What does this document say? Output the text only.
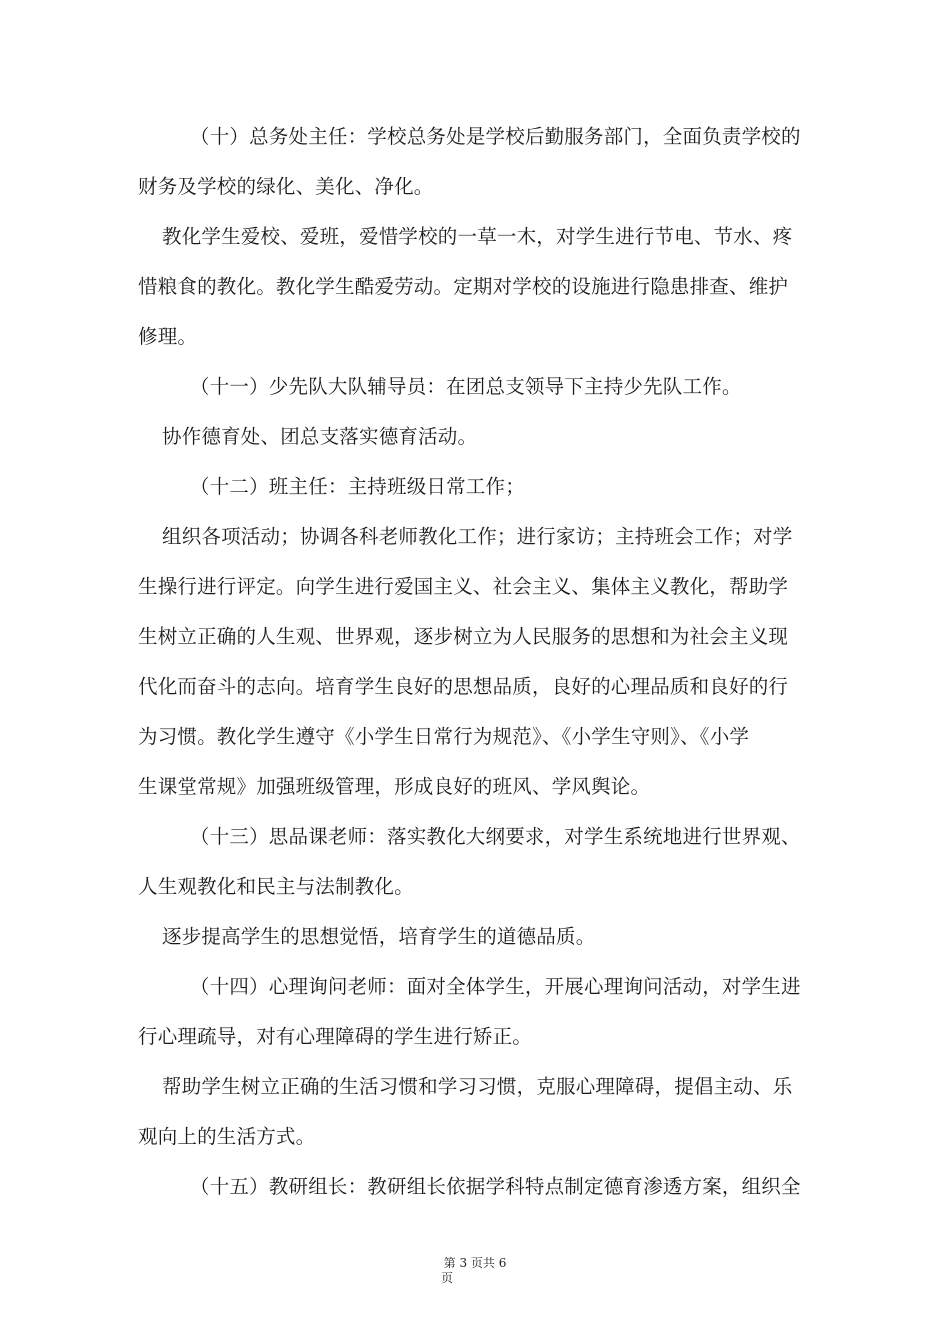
（十）总务处主任：学校总务处是学校后勤服务部门，全面负责学校的
财务及学校的绿化、美化、净化。
教化学生爱校、爱班，爱惜学校的一草一木，对学生进行节电、节水、疼
惜粮食的教化。教化学生酷爱劳动。定期对学校的设施进行隐患排查、维护
修理。
（十一）少先队大队辅导员：在团总支领导下主持少先队工作。
协作德育处、团总支落实德育活动。
（十二）班主任：主持班级日常工作；
组织各项活动；协调各科老师教化工作；进行家访；主持班会工作；对学
生操行进行评定。向学生进行爱国主义、社会主义、集体主义教化，帮助学
生树立正确的人生观、世界观，逐步树立为人民服务的思想和为社会主义现
代化而奋斗的志向。培育学生良好的思想品质，良好的心理品质和良好的行
为习惯。教化学生遵守《小学生日常行为规范》、《小学生守则》、《小学
生课堂常规》加强班级管理，形成良好的班风、学风舆论。
（十三）思品课老师：落实教化大纲要求，对学生系统地进行世界观、
人生观教化和民主与法制教化。
逐步提高学生的思想觉悟，培育学生的道德品质。
（十四）心理询问老师：面对全体学生，开展心理询问活动，对学生进
行心理疏导，对有心理障碍的学生进行矫正。
帮助学生树立正确的生活习惯和学习习惯，克服心理障碍，提倡主动、乐
观向上的生活方式。
（十五）教研组长：教研组长依据学科特点制定德育渗透方案，组织全
第 3 页共 6
页
